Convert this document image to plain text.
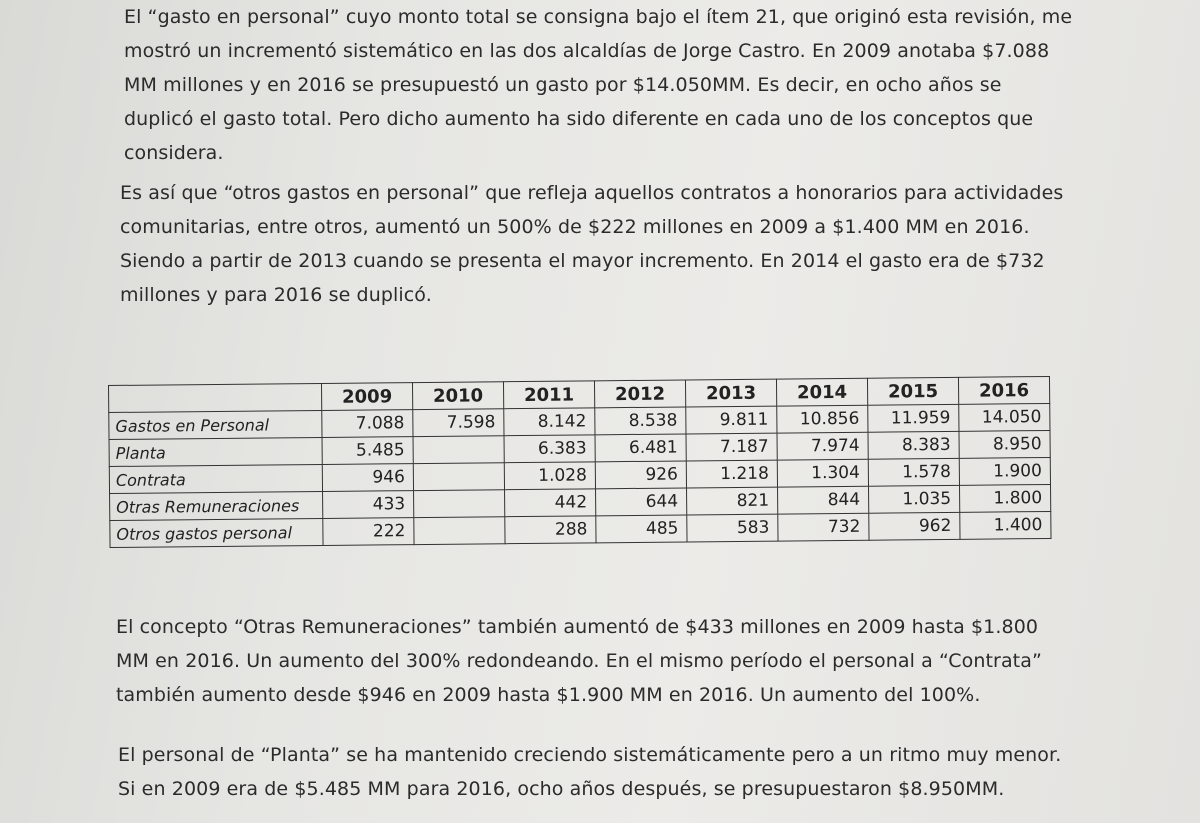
El “gasto en personal” cuyo monto total se consigna bajo el ítem 21, que originó esta revisión, me
mostró un incrementó sistemático en las dos alcaldías de Jorge Castro. En 2009 anotaba $7.088
MM millones y en 2016 se presupuestó un gasto por $14.050MM. Es decir, en ocho años se
duplicó el gasto total. Pero dicho aumento ha sido diferente en cada uno de los conceptos que
considera.
Es así que “otros gastos en personal” que refleja aquellos contratos a honorarios para actividades
comunitarias, entre otros, aumentó un 500% de $222 millones en 2009 a $1.400 MM en 2016.
Siendo a partir de 2013 cuando se presenta el mayor incremento. En 2014 el gasto era de $732
millones y para 2016 se duplicó.
	2009	2010	2011	2012	2013	2014	2015	2016
Gastos en Personal	7.088	7.598	8.142	8.538	9.811	10.856	11.959	14.050
Planta	5.485		6.383	6.481	7.187	7.974	8.383	8.950
Contrata	946		1.028	926	1.218	1.304	1.578	1.900
Otras Remuneraciones	433		442	644	821	844	1.035	1.800
Otros gastos personal	222		288	485	583	732	962	1.400
El concepto “Otras Remuneraciones” también aumentó de $433 millones en 2009 hasta $1.800
MM en 2016. Un aumento del 300% redondeando. En el mismo período el personal a “Contrata”
también aumento desde $946 en 2009 hasta $1.900 MM en 2016. Un aumento del 100%.
El personal de “Planta” se ha mantenido creciendo sistemáticamente pero a un ritmo muy menor.
Si en 2009 era de $5.485 MM para 2016, ocho años después, se presupuestaron $8.950MM.
